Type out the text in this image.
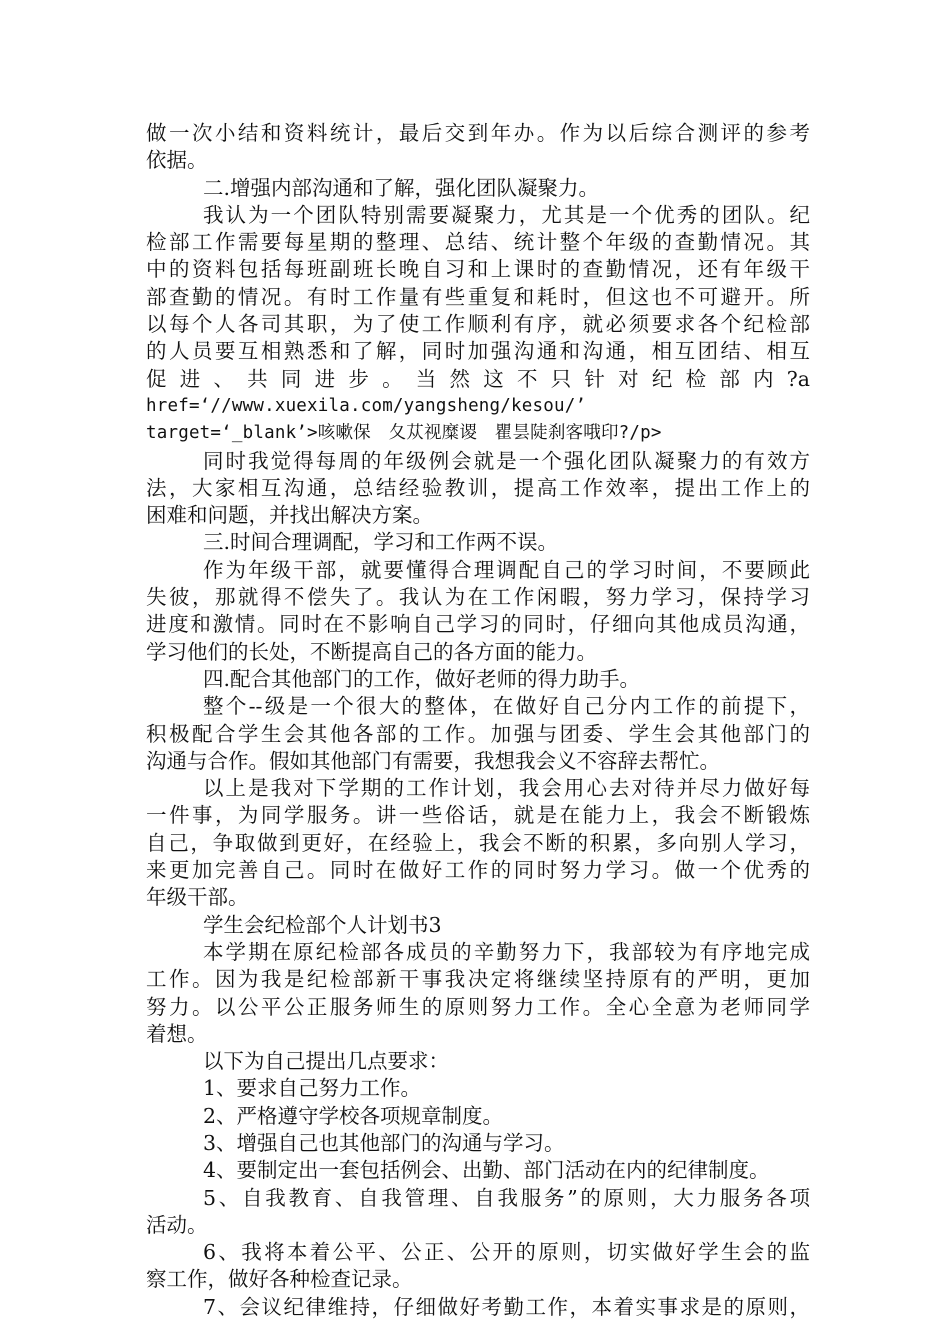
做一次小结和资料统计，最后交到年办。作为以后综合测评的参考
依据。
二.增强内部沟通和了解，强化团队凝聚力。
我认为一个团队特别需要凝聚力，尤其是一个优秀的团队。纪
检部工作需要每星期的整理、总结、统计整个年级的查勤情况。其
中的资料包括每班副班长晚自习和上课时的查勤情况，还有年级干
部查勤的情况。有时工作量有些重复和耗时，但这也不可避开。所
以每个人各司其职，为了使工作顺利有序，就必须要求各个纪检部
的人员要互相熟悉和了解，同时加强沟通和沟通，相互团结、相互
促进、共同进步。当然这不只针对纪检部内?a
href=‘//www.xuexila.com/yangsheng/kesou/’
target=‘_blank’>咳嗽保　夂苁视糜谡　瞿昙陡刹客哦印?/p>
同时我觉得每周的年级例会就是一个强化团队凝聚力的有效方
法，大家相互沟通，总结经验教训，提高工作效率，提出工作上的
困难和问题，并找出解决方案。
三.时间合理调配，学习和工作两不误。
作为年级干部，就要懂得合理调配自己的学习时间，不要顾此
失彼，那就得不偿失了。我认为在工作闲暇，努力学习，保持学习
进度和激情。同时在不影响自己学习的同时，仔细向其他成员沟通，
学习他们的长处，不断提高自己的各方面的能力。
四.配合其他部门的工作，做好老师的得力助手。
整个--级是一个很大的整体，在做好自己分内工作的前提下，
积极配合学生会其他各部的工作。加强与团委、学生会其他部门的
沟通与合作。假如其他部门有需要，我想我会义不容辞去帮忙。
以上是我对下学期的工作计划，我会用心去对待并尽力做好每
一件事，为同学服务。讲一些俗话，就是在能力上，我会不断锻炼
自己，争取做到更好，在经验上，我会不断的积累，多向别人学习，
来更加完善自己。同时在做好工作的同时努力学习。做一个优秀的
年级干部。
学生会纪检部个人计划书3
本学期在原纪检部各成员的辛勤努力下，我部较为有序地完成
工作。因为我是纪检部新干事我决定将继续坚持原有的严明，更加
努力。以公平公正服务师生的原则努力工作。全心全意为老师同学
着想。
以下为自己提出几点要求：
1、要求自己努力工作。
2、严格遵守学校各项规章制度。
3、增强自己也其他部门的沟通与学习。
4、要制定出一套包括例会、出勤、部门活动在内的纪律制度。
5、自我教育、自我管理、自我服务”的原则，大力服务各项
活动。
6、我将本着公平、公正、公开的原则，切实做好学生会的监
察工作，做好各种检查记录。
7、会议纪律维持，仔细做好考勤工作，本着实事求是的原则，
